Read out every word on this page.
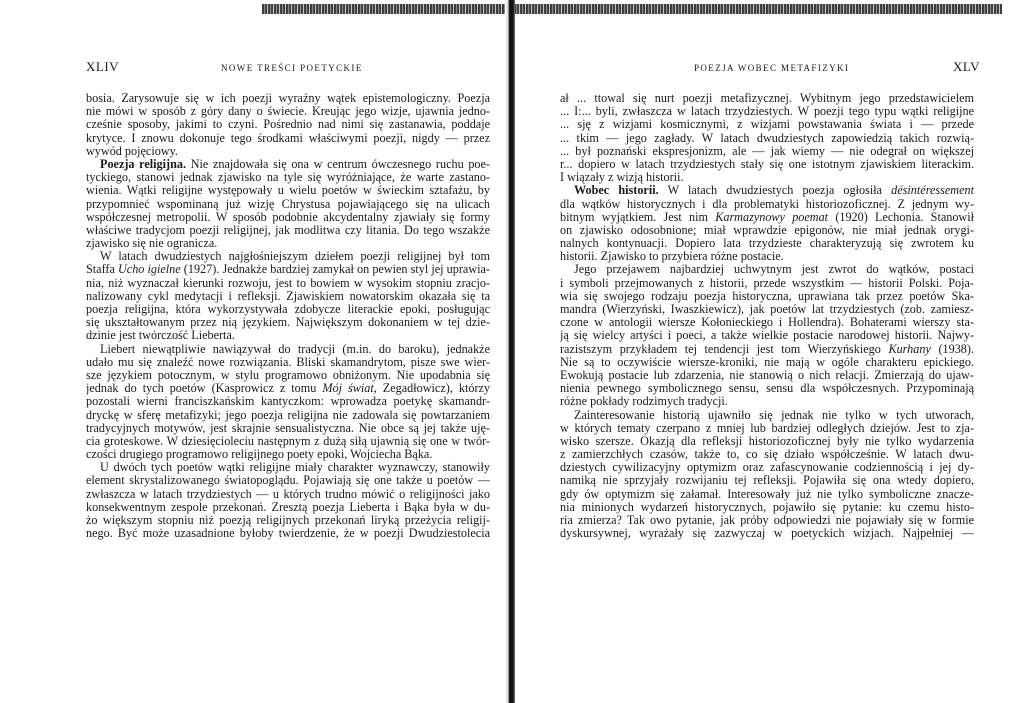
XLIV	NOWE TREŚCI POETYCKIE
bosia. Zarysowuje się w ich poezji wyraźny wątek epistemologiczny. Poezja
nie mówi w sposób z góry dany o świecie. Kreując jego wizje, ujawnia jedno-
cześnie sposoby, jakimi to czyni. Pośrednio nad nimi się zastanawia, poddaje
krytyce. I znowu dokonuje tego środkami właściwymi poezji, nigdy — przez
wywód pojęciowy.
Poezja religijna. Nie znajdowała się ona w centrum ówczesnego ruchu poe-
tyckiego, stanowi jednak zjawisko na tyle się wyróżniające, że warte zastano-
wienia. Wątki religijne występowały u wielu poetów w świeckim sztafażu, by
przypomnieć wspominaną już wizję Chrystusa pojawiającego się na ulicach
współczesnej metropolii. W sposób podobnie akcydentalny zjawiały się formy
właściwe tradycjom poezji religijnej, jak modlitwa czy litania. Do tego wszakże
zjawisko się nie ogranicza.
W latach dwudziestych najgłośniejszym dziełem poezji religijnej był tom
Staffa Ucho igielne (1927). Jednakże bardziej zamykał on pewien styl jej uprawia-
nia, niż wyznaczał kierunki rozwoju, jest to bowiem w wysokim stopniu zracjo-
nalizowany cykl medytacji i refleksji. Zjawiskiem nowatorskim okazała się ta
poezja religijna, która wykorzystywała zdobycze literackie epoki, posługując
się ukształtowanym przez nią językiem. Największym dokonaniem w tej dzie-
dzinie jest twórczość Lieberta.
Liebert niewątpliwie nawiązywał do tradycji (m.in. do baroku), jednakże
udało mu się znaleźć nowe rozwiązania. Bliski skamandrytom, pisze swe wier-
sze językiem potocznym, w stylu programowo obniżonym. Nie upodabnia się
jednak do tych poetów (Kasprowicz z tomu Mój świat, Zegadłowicz), którzy
pozostali wierni franciszkańskim kantyczkom: wprowadza poetykę skamandr-
dryckę w sferę metafizyki; jego poezja religijna nie zadowala się powtarzaniem
tradycyjnych motywów, jest skrajnie sensualistyczna. Nie obce są jej także uję-
cia groteskowe. W dziesięcioleciu następnym z dużą siłą ujawnią się one w twór-
czości drugiego programowo religijnego poety epoki, Wojciecha Bąka.
U dwóch tych poetów wątki religijne miały charakter wyznawczy, stanowiły
element skrystalizowanego światopoglądu. Pojawiają się one także u poetów —
zwłaszcza w latach trzydziestych — u których trudno mówić o religijności jako
konsekwentnym zespole przekonań. Zresztą poezja Lieberta i Bąka była w du-
żo większym stopniu niż poezją religijnych przekonań liryką przeżycia religij-
nego. Być może uzasadnione byłoby twierdzenie, że w poezji Dwudziestolecia
POEZJA WOBEC METAFIZYKI	XLV
ał ... ttowal się nurt poezji metafizycznej. Wybitnym jego przedstawicielem
... I:... byli, zwłaszcza w latach trzydziestych. W poezji tego typu wątki religijne
... sję z wizjami kosmicznymi, z wizjami powstawania świata i — przede
... tkim — jego zagłady. W latach dwudziestych zapowiedzią takich rozwią-
... był poznański ekspresjonizm, ale — jak wiemy — nie odegrał on większej
r... dopiero w latach trzydziestych stały się one istotnym zjawiskiem literackim.
I wiązały z wizją historii.
Wobec historii. W latach dwudziestych poezja ogłosiła désintéressement
dla wątków historycznych i dla problematyki historiozoficznej. Z jednym wy-
bitnym wyjątkiem. Jest nim Karmazynowy poemat (1920) Lechonia. Stanowił
on zjawisko odosobnione; miał wprawdzie epigonów, nie miał jednak orygi-
nalnych kontynuacji. Dopiero lata trzydzieste charakteryzują się zwrotem ku
historii. Zjawisko to przybiera różne postacie.
Jego przejawem najbardziej uchwytnym jest zwrot do wątków, postaci
i symboli przejmowanych z historii, przede wszystkim — historii Polski. Poja-
wia się swojego rodzaju poezja historyczna, uprawiana tak przez poetów Ska-
mandra (Wierzyński, Iwaszkiewicz), jak poetów lat trzydziestych (zob. zamiesz-
czone w antologii wiersze Kołonieckiego i Hollendra). Bohaterami wierszy sta-
ją się wielcy artyści i poeci, a także wielkie postacie narodowej historii. Najwy-
razistszym przykładem tej tendencji jest tom Wierzyńskiego Kurhany (1938).
Nie są to oczywiście wiersze-kroniki, nie mają w ogóle charakteru epickiego.
Ewokują postacie lub zdarzenia, nie stanowią o nich relacji. Zmierzają do ujaw-
nienia pewnego symbolicznego sensu, sensu dla współczesnych. Przypominają
różne pokłady rodzimych tradycji.
Zainteresowanie historią ujawniło się jednak nie tylko w tych utworach,
w których tematy czerpano z mniej lub bardziej odległych dziejów. Jest to zja-
wisko szersze. Okazją dla refleksji historiozoficznej były nie tylko wydarzenia
z zamierzchłych czasów, także to, co się działo współcześnie. W latach dwu-
dziestych cywilizacyjny optymizm oraz zafascynowanie codziennością i jej dy-
namiką nie sprzyjały rozwijaniu tej refleksji. Pojawiła się ona wtedy dopiero,
gdy ów optymizm się załamał. Interesowały już nie tylko symboliczne znacze-
nia minionych wydarzeń historycznych, pojawiło się pytanie: ku czemu histo-
ria zmierza? Tak owo pytanie, jak próby odpowiedzi nie pojawiały się w formie
dyskursywnej, wyrażały się zazwyczaj w poetyckich wizjach. Najpełniej —
